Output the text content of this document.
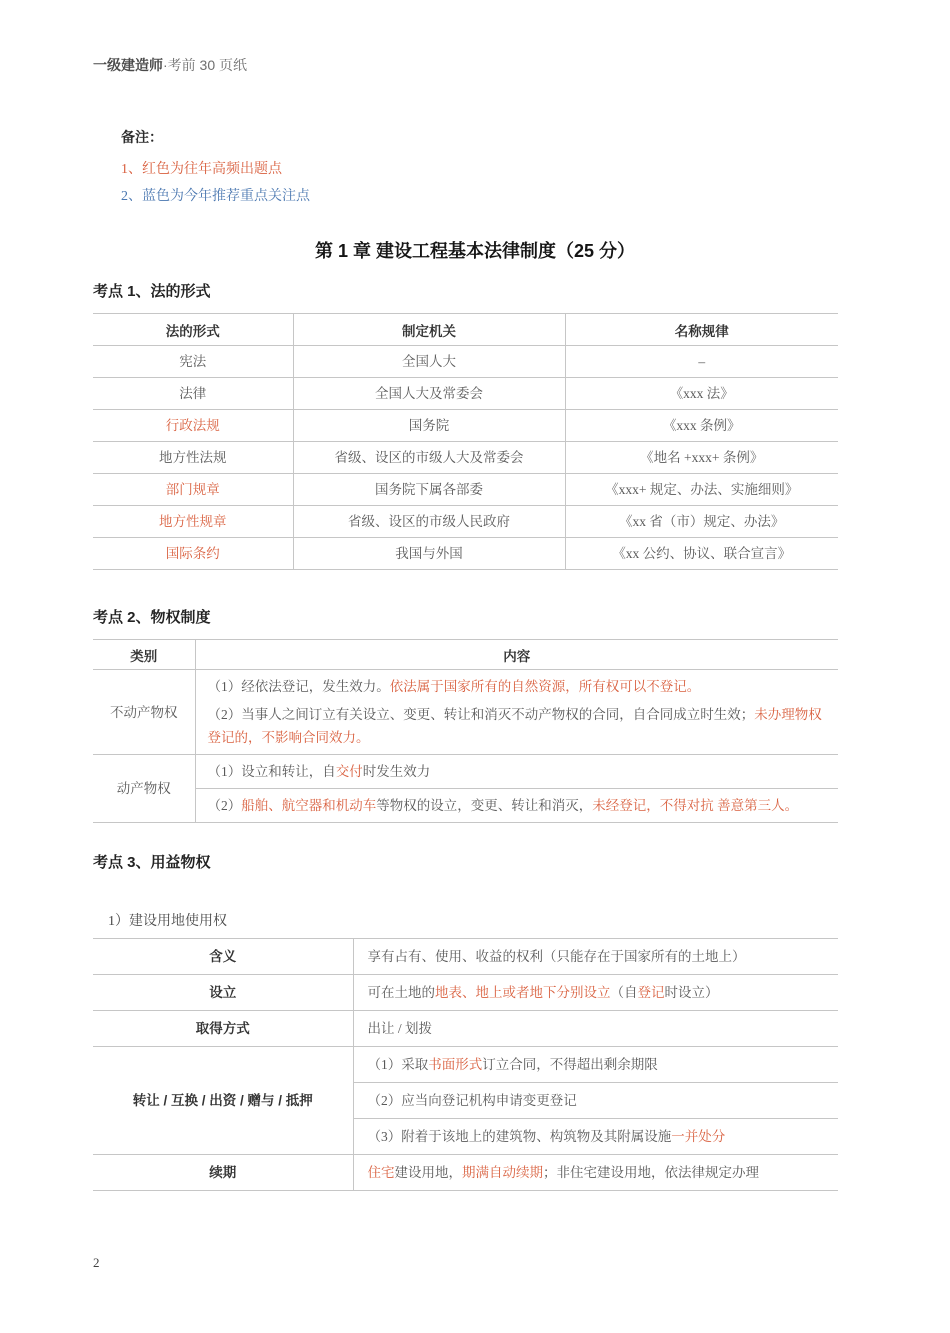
一级建造师·考前 30 页纸
备注：
1、红色为往年高频出题点
2、蓝色为今年推荐重点关注点
第 1 章 建设工程基本法律制度（25 分）
考点 1、法的形式
法的形式	制定机关	名称规律

宪法	全国人大	–

法律	全国人大及常委会	《xxx 法》

行政法规	国务院	《xxx 条例》

地方性法规	省级、设区的市级人大及常委会	《地名 +xxx+ 条例》

部门规章	国务院下属各部委	《xxx+ 规定、办法、实施细则》

地方性规章	省级、设区的市级人民政府	《xx 省（市）规定、办法》

国际条约	我国与外国	《xx 公约、协议、联合宣言》
考点 2、物权制度
类别	内容

不动产物权	（1）经依法登记，发生效力。依法属于国家所有的自然资源，所有权可以不登记。
（2）当事人之间订立有关设立、变更、转让和消灭不动产物权的合同，自合同成立时生效；未办理物权登记的，不影响合同效力。

动产物权	（1）设立和转让，自交付时发生效力

	（2）船舶、航空器和机动车等物权的设立，变更、转让和消灭，未经登记，不得对抗 善意第三人。
考点 3、用益物权
1）建设用地使用权
含义	享有占有、使用、收益的权利（只能存在于国家所有的土地上）

设立	可在土地的地表、地上或者地下分别设立（自登记时设立）

取得方式	出让 / 划拨

转让 / 互换 / 出资 / 赠与 / 抵押	（1）采取书面形式订立合同，不得超出剩余期限

	（2）应当向登记机构申请变更登记

	（3）附着于该地上的建筑物、构筑物及其附属设施一并处分

续期	住宅建设用地，期满自动续期；非住宅建设用地，依法律规定办理
2
